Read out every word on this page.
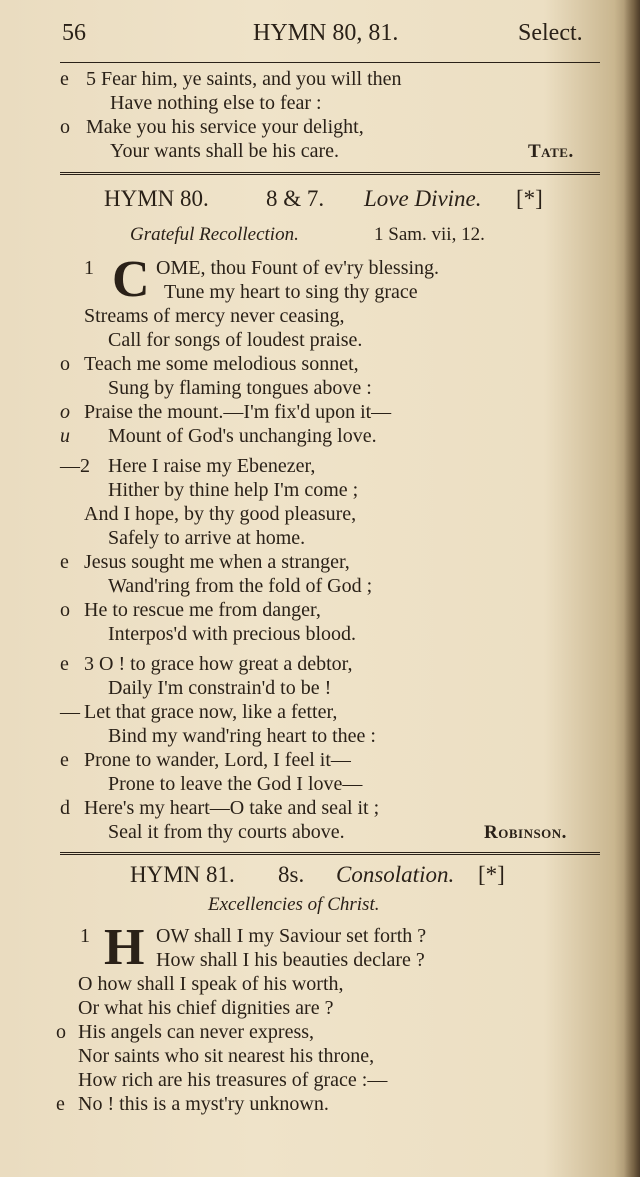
56	HYMN 80, 81.	Select.
e 5 Fear him, ye saints, and you will then
Have nothing else to fear :
o Make you his service your delight,
Your wants shall be his care.	Tate.
HYMN 80. 8 & 7. Love Divine. [*]
Grateful Recollection.	1 Sam. vii, 12.
C
1	OME, thou Fount of ev'ry blessing.
Tune my heart to sing thy grace
Streams of mercy never ceasing,
Call for songs of loudest praise.
o Teach me some melodious sonnet,
Sung by flaming tongues above :
o Praise the mount.—I'm fix'd upon it—
u Mount of God's unchanging love.
—2 Here I raise my Ebenezer,
Hither by thine help I'm come ;
And I hope, by thy good pleasure,
Safely to arrive at home.
e Jesus sought me when a stranger,
Wand'ring from the fold of God ;
o He to rescue me from danger,
Interpos'd with precious blood.
e 3 O ! to grace how great a debtor,
Daily I'm constrain'd to be !
— Let that grace now, like a fetter,
Bind my wand'ring heart to thee :
e Prone to wander, Lord, I feel it—
Prone to leave the God I love—
d Here's my heart—O take and seal it ;
Seal it from thy courts above.	Robinson.
HYMN 81. 8s. Consolation. [*]
Excellencies of Christ.
H
1	OW shall I my Saviour set forth ?
How shall I his beauties declare ?
O how shall I speak of his worth,
Or what his chief dignities are ?
o His angels can never express,
Nor saints who sit nearest his throne,
How rich are his treasures of grace :—
e No ! this is a myst'ry unknown.
